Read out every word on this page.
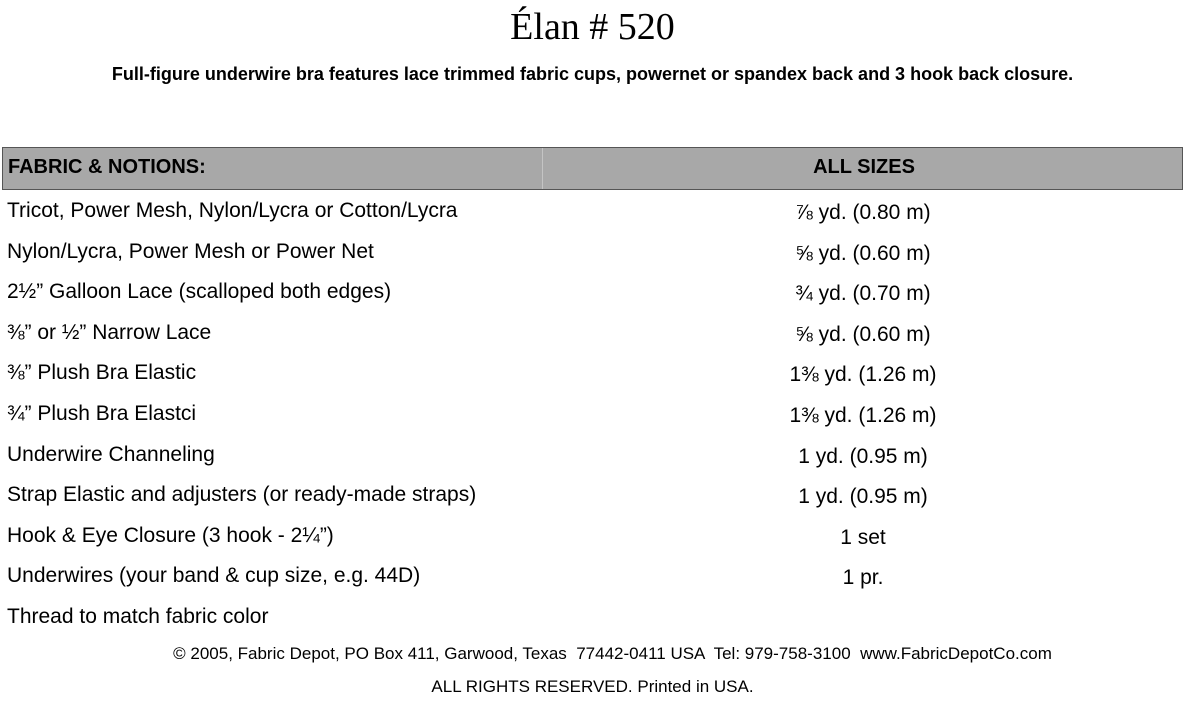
Élan # 520
Full-figure underwire bra features lace trimmed fabric cups, powernet or spandex back and 3 hook back closure.
FABRIC & NOTIONS:	ALL SIZES
Tricot, Power Mesh, Nylon/Lycra or Cotton/Lycra	⅞ yd. (0.80 m)
Nylon/Lycra, Power Mesh or Power Net	⅝ yd. (0.60 m)
2½” Galloon Lace (scalloped both edges)	¾ yd. (0.70 m)
⅜” or ½” Narrow Lace	⅝ yd. (0.60 m)
⅜” Plush Bra Elastic	1⅜ yd. (1.26 m)
¾” Plush Bra Elastci	1⅜ yd. (1.26 m)
Underwire Channeling	1 yd. (0.95 m)
Strap Elastic and adjusters (or ready-made straps)	1 yd. (0.95 m)
Hook & Eye Closure (3 hook - 2¼”)	1 set
Underwires (your band & cup size, e.g. 44D)	1 pr.
Thread to match fabric color
© 2005, Fabric Depot, PO Box 411, Garwood, Texas  77442-0411 USA  Tel: 979-758-3100  www.FabricDepotCo.com
ALL RIGHTS RESERVED. Printed in USA.
